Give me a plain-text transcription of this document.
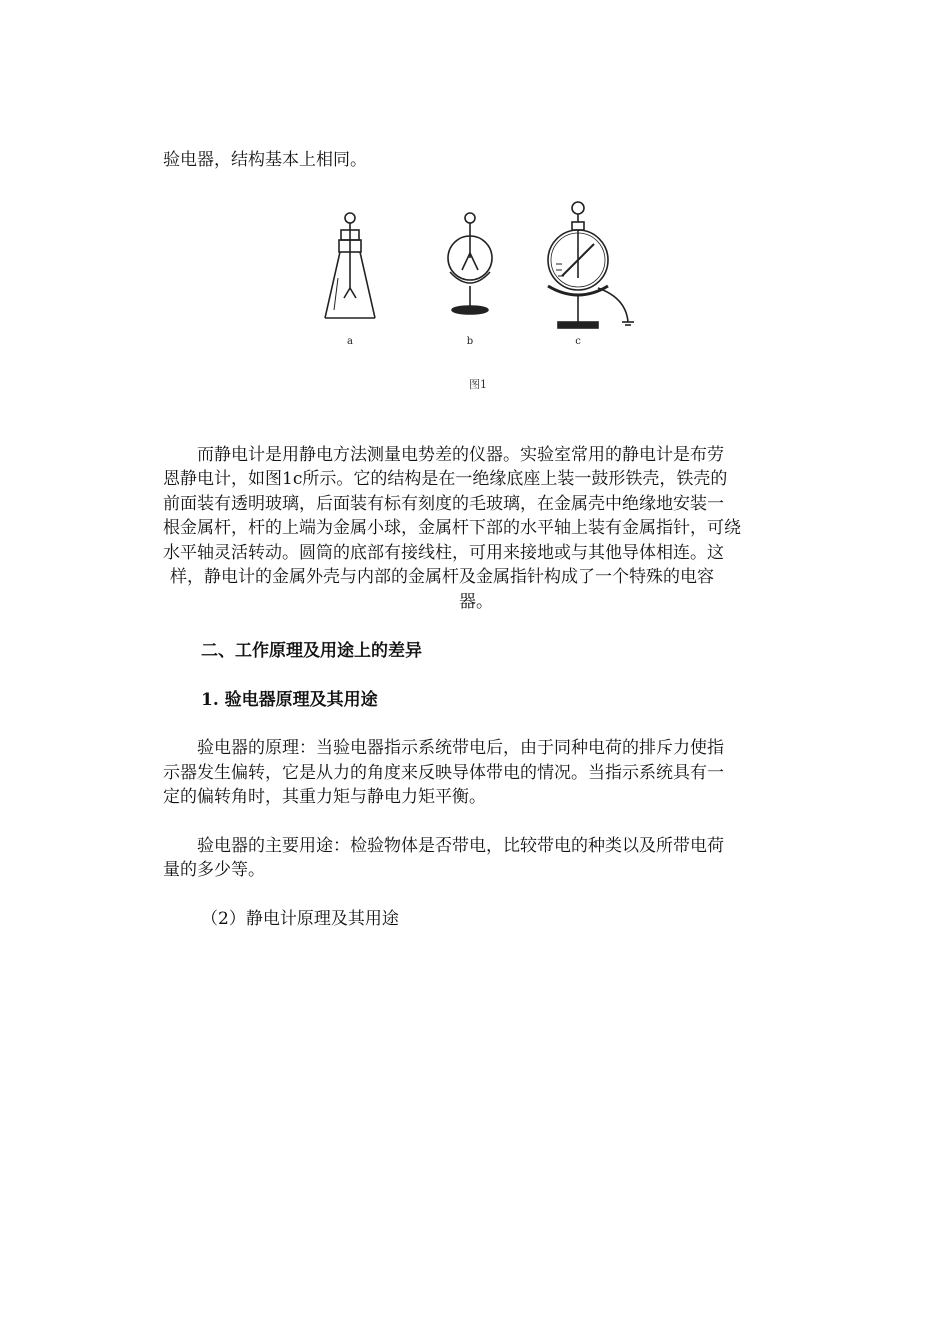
验电器，结构基本上相同。

a	b	c
图1

而静电计是用静电方法测量电势差的仪器。实验室常用的静电计是布劳

恩静电计，如图1c所示。它的结构是在一绝缘底座上装一鼓形铁壳，铁壳的

前面装有透明玻璃，后面装有标有刻度的毛玻璃，在金属壳中绝缘地安装一

根金属杆，杆的上端为金属小球，金属杆下部的水平轴上装有金属指针，可绕

水平轴灵活转动。圆筒的底部有接线柱，可用来接地或与其他导体相连。这

样，静电计的金属外壳与内部的金属杆及金属指针构成了一个特殊的电容

器。

二、工作原理及用途上的差异

1. 验电器原理及其用途

验电器的原理：当验电器指示系统带电后，由于同种电荷的排斥力使指

示器发生偏转，它是从力的角度来反映导体带电的情况。当指示系统具有一

定的偏转角时，其重力矩与静电力矩平衡。

验电器的主要用途：检验物体是否带电，比较带电的种类以及所带电荷

量的多少等。

（2）静电计原理及其用途
